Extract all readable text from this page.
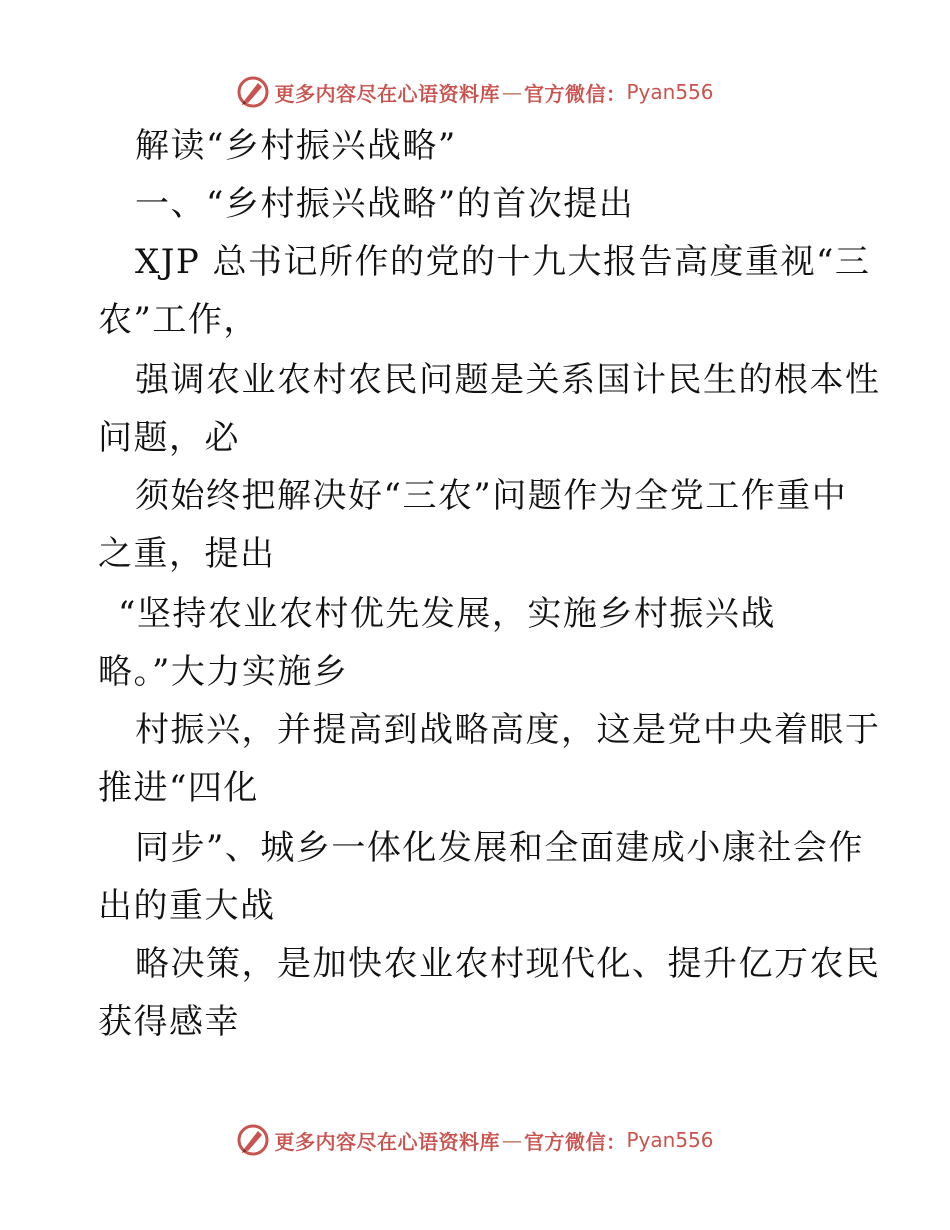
更多内容尽在心语资料库 — 官方微信： Pyan556
解读“乡村振兴战略”
一、“乡村振兴战略”的首次提出
XJP 总书记所作的党的十九大报告高度重视“三
农”工作，
强调农业农村农民问题是关系国计民生的根本性
问题，必
须始终把解决好“三农”问题作为全党工作重中
之重，提出
“坚持农业农村优先发展，实施乡村振兴战
略。”大力实施乡
村振兴，并提高到战略高度，这是党中央着眼于
推进“四化
同步”、城乡一体化发展和全面建成小康社会作
出的重大战
略决策，是加快农业农村现代化、提升亿万农民
获得感幸
更多内容尽在心语资料库 — 官方微信： Pyan556
